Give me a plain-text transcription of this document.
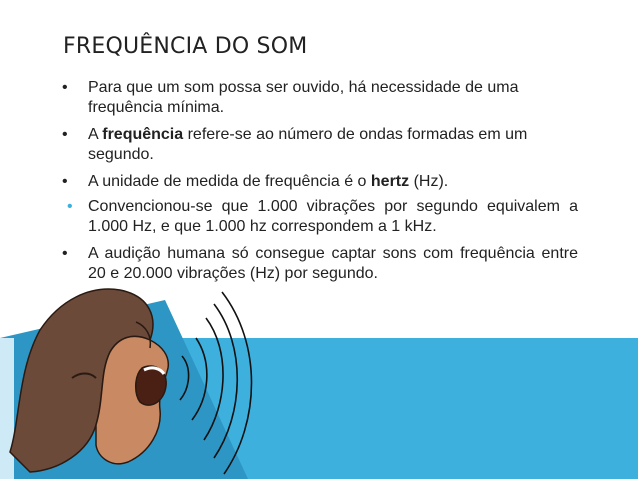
FREQUÊNCIA DO SOM
• Para que um som possa ser ouvido, há necessidade de uma frequência mínima.
• A frequência refere-se ao número de ondas formadas em um segundo.
• A unidade de medida de frequência é o hertz (Hz).
• Convencionou-se que 1.000 vibrações por segundo equivalem a 1.000 Hz, e que 1.000 hz correspondem a 1 kHz.
• A audição humana só consegue captar sons com frequência entre 20 e 20.000 vibrações (Hz) por segundo.
